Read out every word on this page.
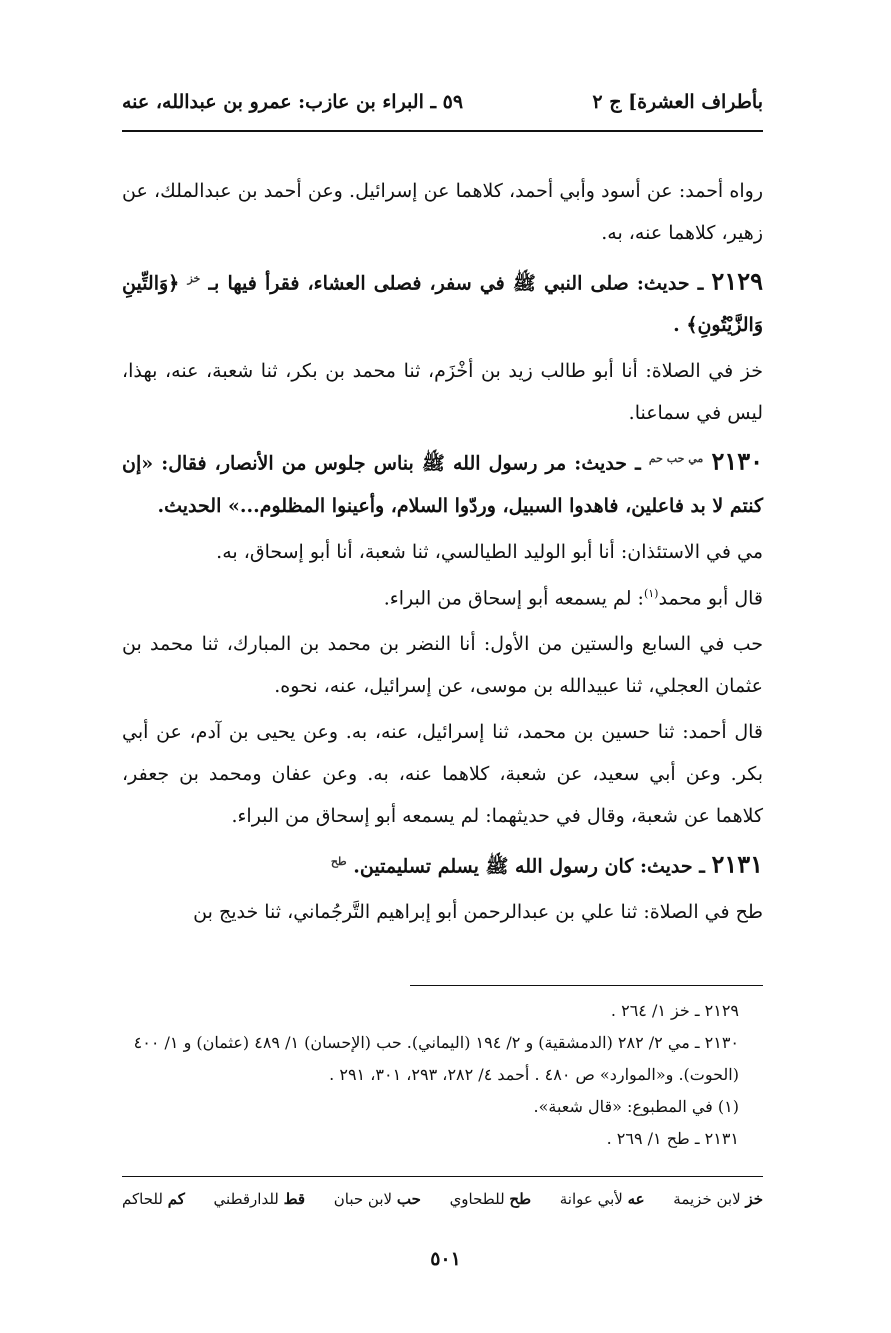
بأطراف العشرة] ج ٢
٥٩ ـ البراء بن عازب: عمرو بن عبدالله، عنه

رواه أحمد: عن أسود وأبي أحمد، كلاهما عن إسرائيل. وعن أحمد بن عبدالملك، عن زهير، كلاهما عنه، به.

٢١٢٩ ـ حديث: صلى النبي ﷺ في سفر، فصلى العشاء، فقرأ فيها بـ خز ﴿وَالتِّينِ وَالزَّيْتُونِ﴾ .

خز في الصلاة: أنا أبو طالب زيد بن أخْزَم، ثنا محمد بن بكر، ثنا شعبة، عنه، بهذا، ليس في سماعنا.

٢١٣٠ مي حب حم ـ حديث: مر رسول الله ﷺ بناس جلوس من الأنصار، فقال: «إن كنتم لا بد فاعلين، فاهدوا السبيل، وردّوا السلام، وأعينوا المظلوم...» الحديث.

مي في الاستئذان: أنا أبو الوليد الطيالسي، ثنا شعبة، أنا أبو إسحاق، به.

قال أبو محمد$^{(١)}$: لم يسمعه أبو إسحاق من البراء.

حب في السابع والستين من الأول: أنا النضر بن محمد بن المبارك، ثنا محمد بن عثمان العجلي، ثنا عبيدالله بن موسى، عن إسرائيل، عنه، نحوه.

قال أحمد: ثنا حسين بن محمد، ثنا إسرائيل، عنه، به. وعن يحيى بن آدم، عن أبي بكر. وعن أبي سعيد، عن شعبة، كلاهما عنه، به. وعن عفان ومحمد بن جعفر، كلاهما عن شعبة، وقال في حديثهما: لم يسمعه أبو إسحاق من البراء.

٢١٣١ ـ حديث: كان رسول الله ﷺ يسلم تسليمتين. طح

طح في الصلاة: ثنا علي بن عبدالرحمن أبو إبراهيم التَّرجُماني، ثنا خديج بن

٢١٢٩ ـ خز ١/ ٢٦٤ .

٢١٣٠ ـ مي ٢/ ٢٨٢ (الدمشقية) و ٢/ ١٩٤ (اليماني). حب (الإحسان) ١/ ٤٨٩ (عثمان) و ١/ ٤٠٠ (الحوت). و«الموارد» ص ٤٨٠ . أحمد ٤/ ٢٨٢، ٢٩٣، ٣٠١، ٢٩١ .

(١) في المطبوع: «قال شعبة».

٢١٣١ ـ طح ١/ ٢٦٩ .

خز لابن خزيمة
عه لأبي عوانة
طح للطحاوي
حب لابن حبان
قط للدارقطني
كم للحاكم
٥٠١
